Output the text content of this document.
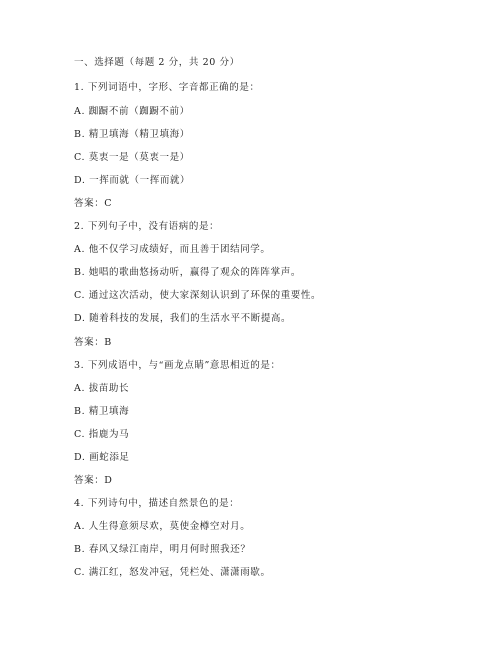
一、选择题（每题 2 分，共 20 分）
1. 下列词语中，字形、字音都正确的是：
A. 踟蹰不前（踟蹰不前）
B. 精卫填海（精卫填海）
C. 莫衷一是（莫衷一是）
D. 一挥而就（一挥而就）
答案：C
2. 下列句子中，没有语病的是：
A. 他不仅学习成绩好，而且善于团结同学。
B. 她唱的歌曲悠扬动听，赢得了观众的阵阵掌声。
C. 通过这次活动，使大家深刻认识到了环保的重要性。
D. 随着科技的发展，我们的生活水平不断提高。
答案：B
3. 下列成语中，与“画龙点睛”意思相近的是：
A. 拔苗助长
B. 精卫填海
C. 指鹿为马
D. 画蛇添足
答案：D
4. 下列诗句中，描述自然景色的是：
A. 人生得意须尽欢，莫使金樽空对月。
B. 春风又绿江南岸，明月何时照我还？
C. 满江红，怒发冲冠，凭栏处、潇潇雨歇。
